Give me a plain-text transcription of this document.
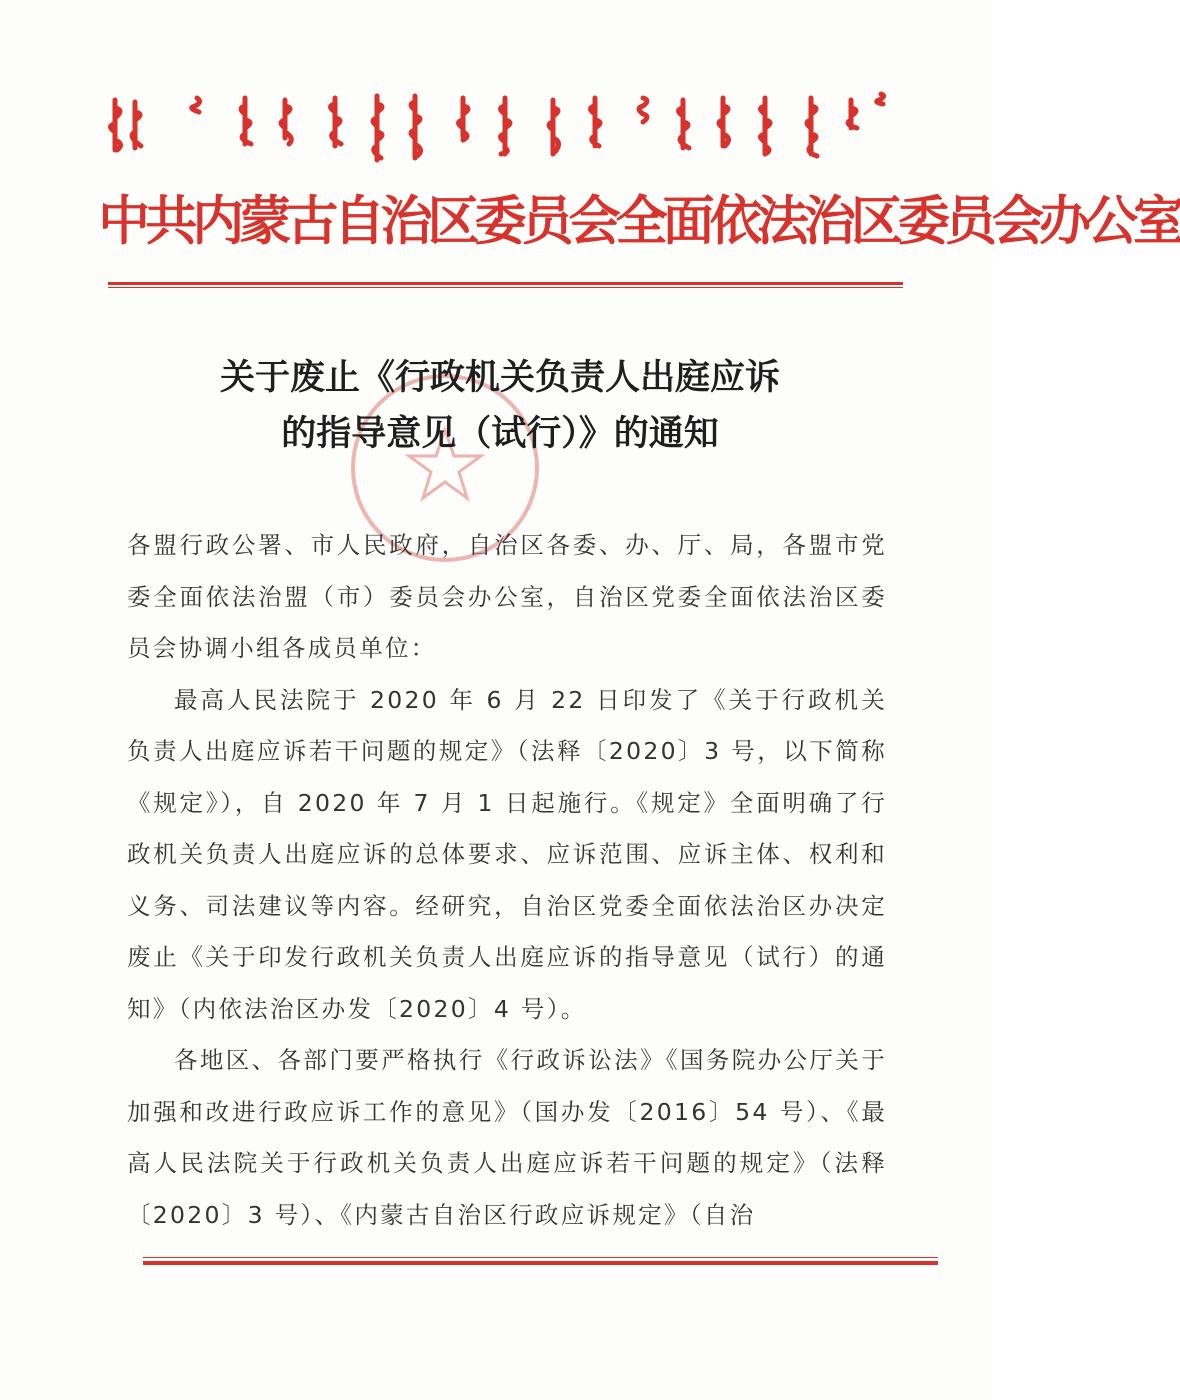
中共内蒙古自治区委员会全面依法治区委员会办公室
关于废止《行政机关负责人出庭应诉
的指导意见（试行）》的通知

各盟行政公署、市人民政府，自治区各委、办、厅、局，各盟市党委全面依法治盟（市）委员会办公室，自治区党委全面依法治区委员会协调小组各成员单位：

最高人民法院于 2020 年 6 月 22 日印发了《关于行政机关负责人出庭应诉若干问题的规定》（法释〔2020〕3 号，以下简称《规定》），自 2020 年 7 月 1 日起施行。《规定》全面明确了行政机关负责人出庭应诉的总体要求、应诉范围、应诉主体、权利和义务、司法建议等内容。经研究，自治区党委全面依法治区办决定废止《关于印发行政机关负责人出庭应诉的指导意见（试行）的通知》（内依法治区办发〔2020〕4 号）。

各地区、各部门要严格执行《行政诉讼法》《国务院办公厅关于加强和改进行政应诉工作的意见》（国办发〔2016〕54 号）、《最高人民法院关于行政机关负责人出庭应诉若干问题的规定》（法释〔2020〕3 号）、《内蒙古自治区行政应诉规定》（自治
